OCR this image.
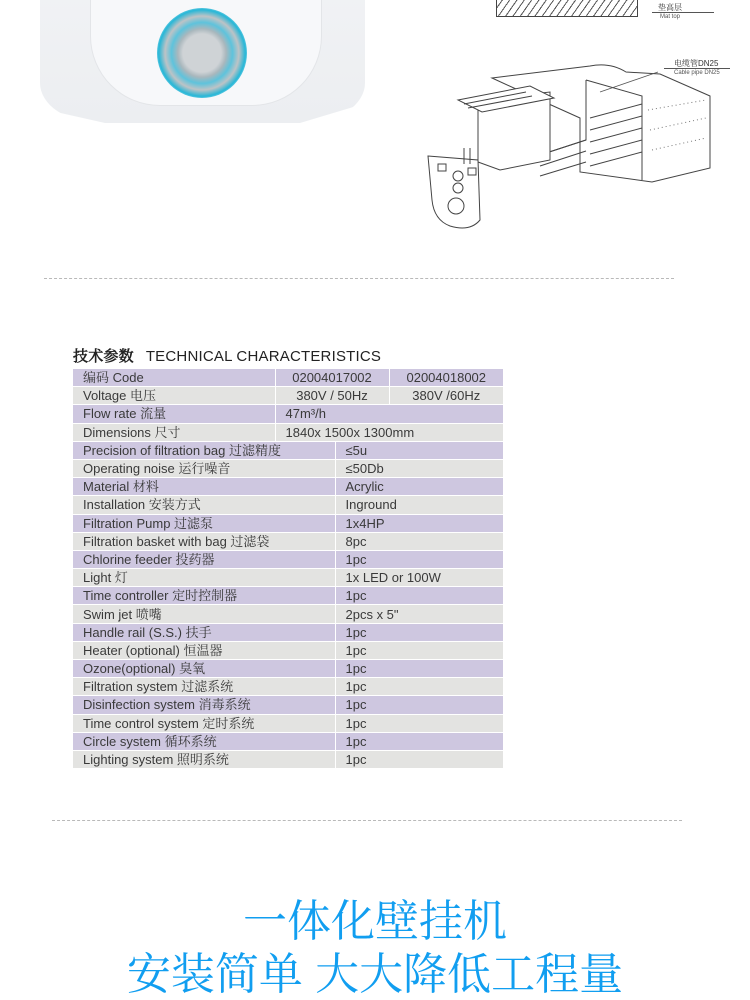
垫高层
Mat top
电缆管DN25
Cable pipe DN25
技术参数 TECHNICAL CHARACTERISTICS
编码 Code	02004017002		02004018002
Voltage 电压	380V / 50Hz		380V /60Hz
Flow rate 流量	47m³/h		
Dimensions 尺寸	1840x 1500x 1300mm		
Precision of filtration bag 过滤精度		≤5u	
Operating noise 运行噪音		≤50Db	
Material 材料		Acrylic	
Installation 安装方式		Inground	
Filtration Pump 过滤泵		1x4HP	
Filtration basket with bag 过滤袋		8pc	
Chlorine feeder 投药器		1pc	
Light 灯		1x LED or 100W	
Time controller 定时控制器		1pc	
Swim jet 喷嘴		2pcs x 5"	
Handle rail (S.S.) 扶手		1pc	
Heater (optional) 恒温器		1pc	
Ozone(optional) 臭氧		1pc	
Filtration system 过滤系统		1pc	
Disinfection system 消毒系统		1pc	
Time control system 定时系统		1pc	
Circle system 循环系统		1pc	
Lighting system 照明系统		1pc	
一体化壁挂机
安装简单 大大降低工程量
